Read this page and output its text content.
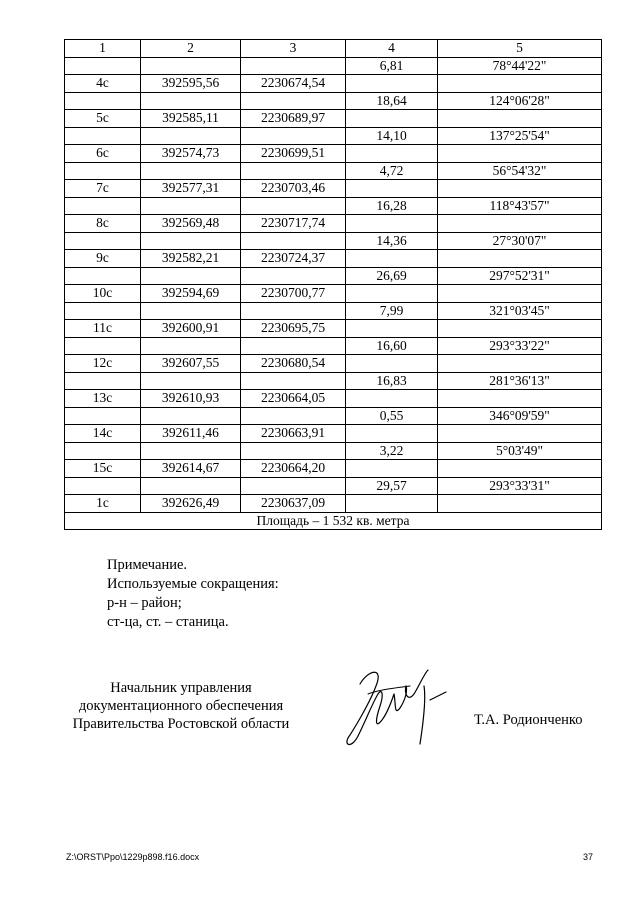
1	2	3	4	5
			6,81	78°44'22"
4с	392595,56	2230674,54		
			18,64	124°06'28"
5с	392585,11	2230689,97		
			14,10	137°25'54"
6с	392574,73	2230699,51		
			4,72	56°54'32"
7с	392577,31	2230703,46		
			16,28	118°43'57"
8с	392569,48	2230717,74		
			14,36	27°30'07"
9с	392582,21	2230724,37		
			26,69	297°52'31"
10с	392594,69	2230700,77		
			7,99	321°03'45"
11с	392600,91	2230695,75		
			16,60	293°33'22"
12с	392607,55	2230680,54		
			16,83	281°36'13"
13с	392610,93	2230664,05		
			0,55	346°09'59"
14с	392611,46	2230663,91		
			3,22	5°03'49"
15с	392614,67	2230664,20		
			29,57	293°33'31"
1с	392626,49	2230637,09		
Площадь – 1 532 кв. метра				
Примечание.
Используемые сокращения:
р-н – район;
ст-ца, ст. – станица.
Начальник управления
документационного обеспечения
Правительства Ростовской области	Т.А. Родионченко
Z:\ORST\Ppo\1229p898.f16.docx	37
